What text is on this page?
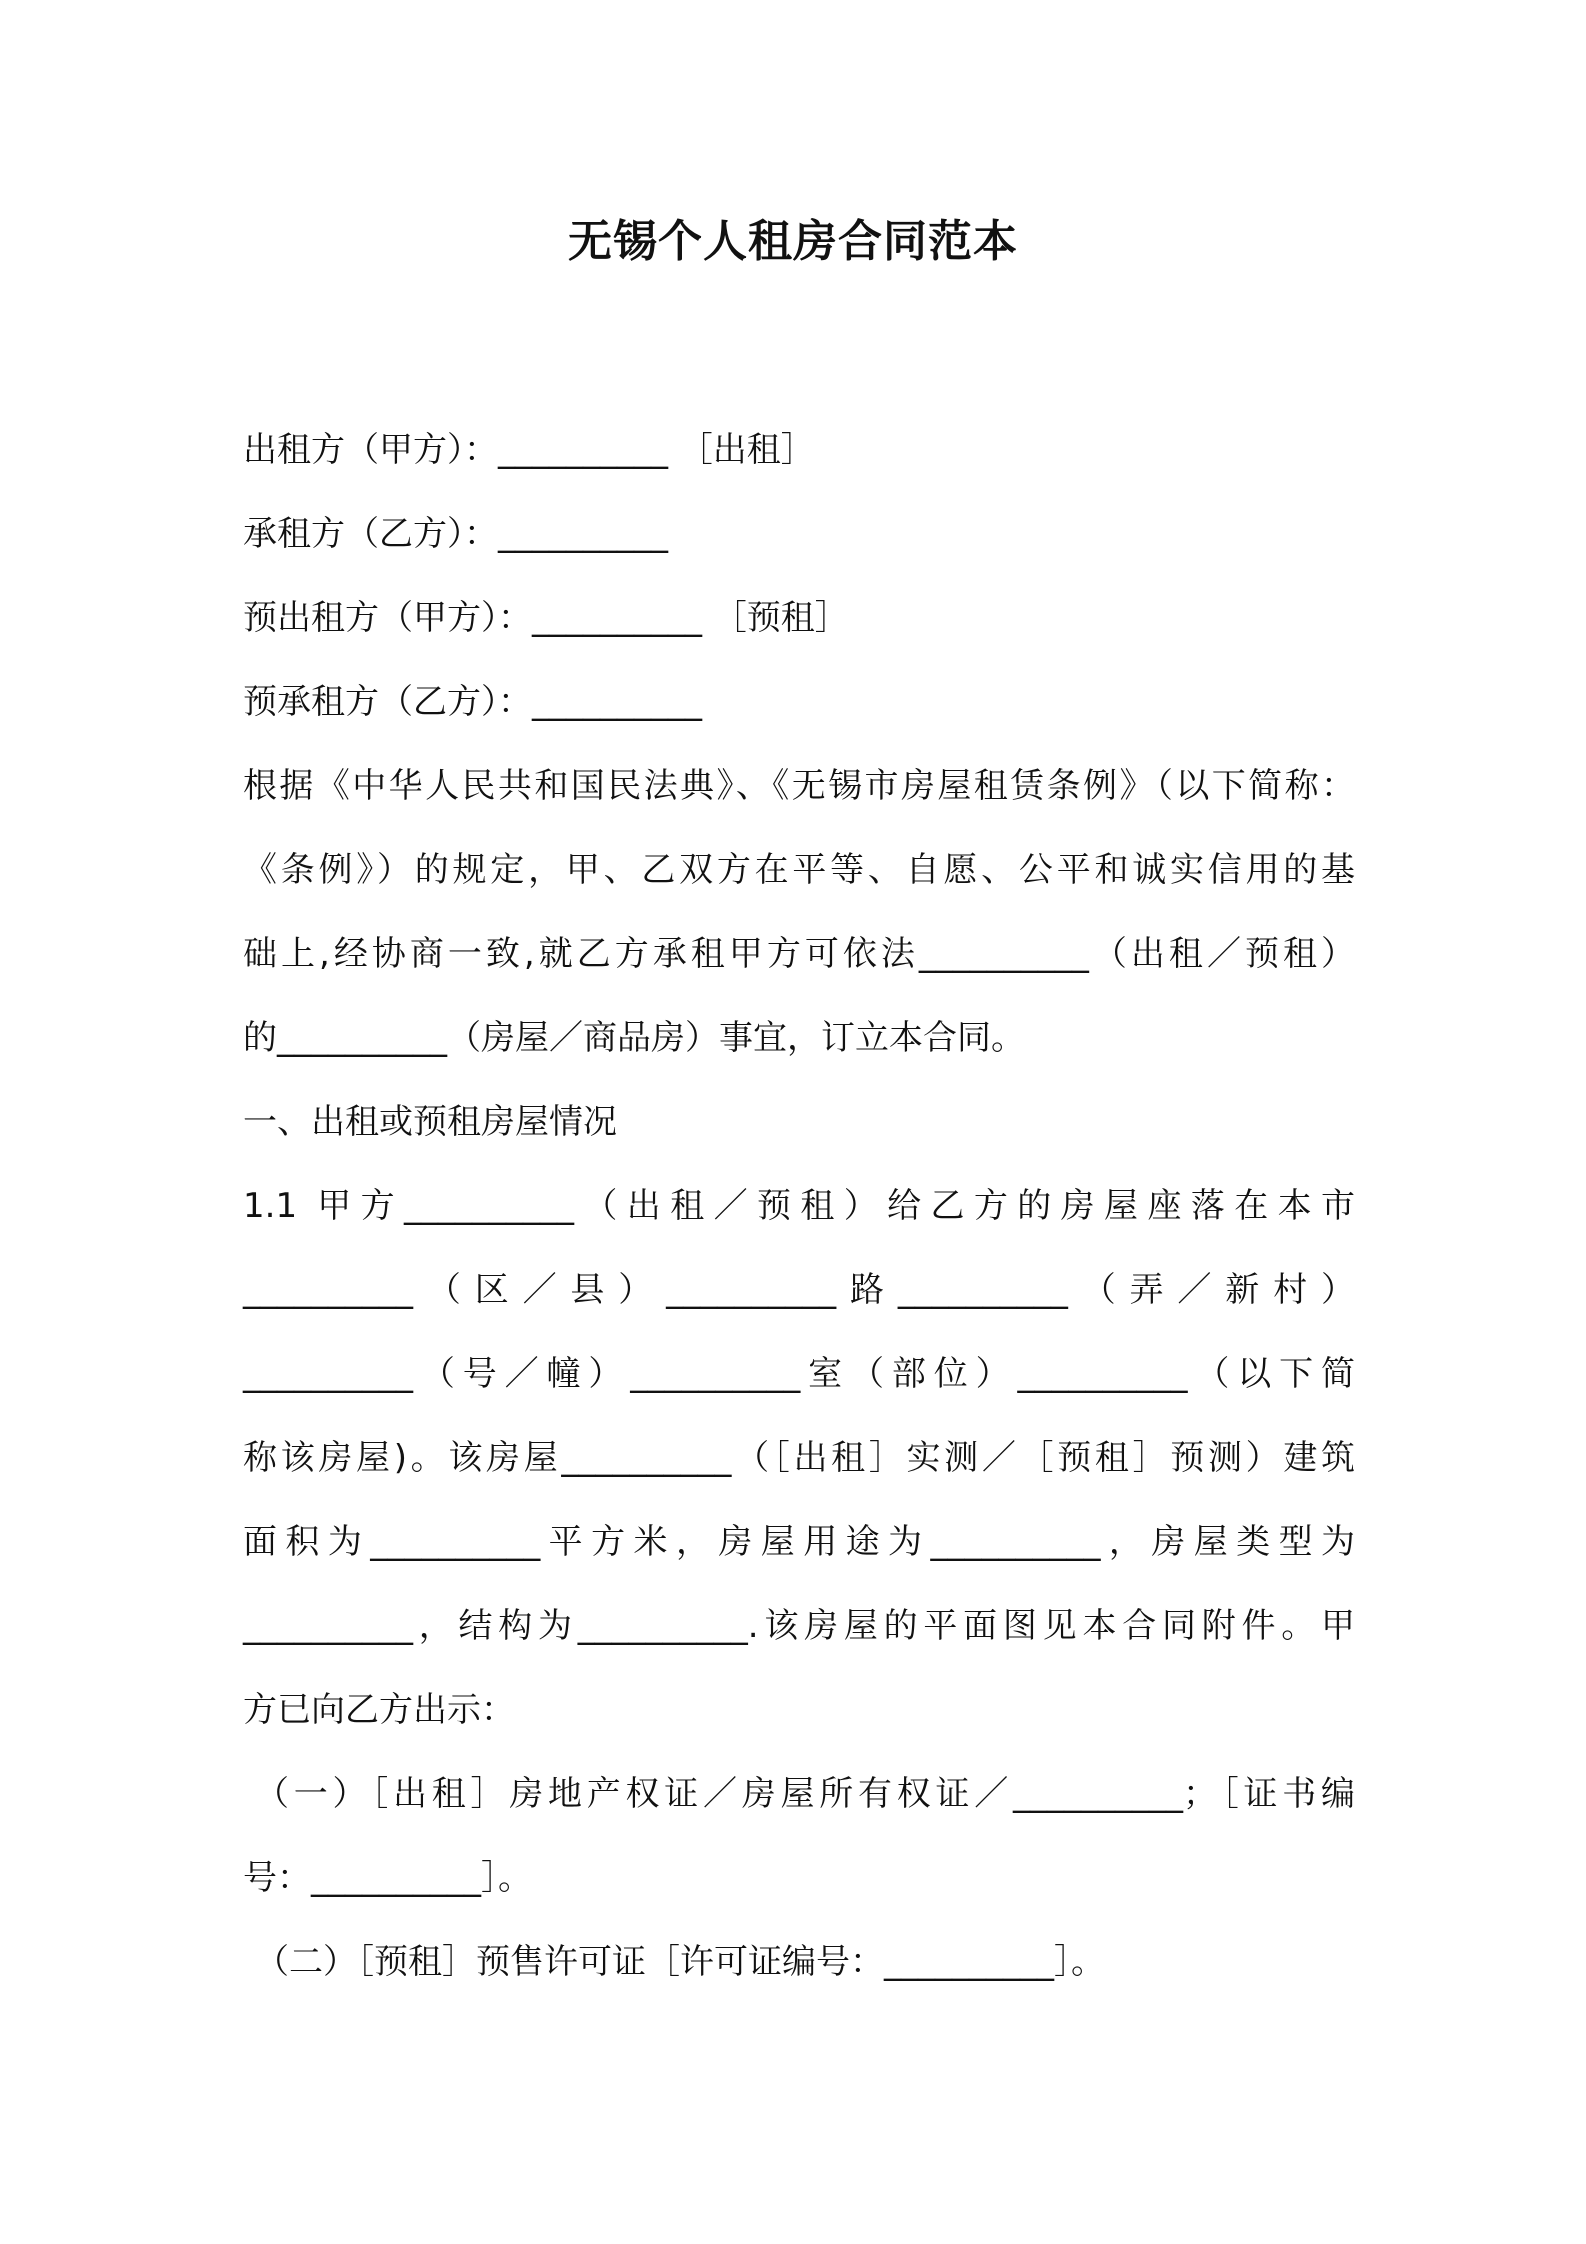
无锡个人租房合同范本
出租方（甲方）：__________ ［出租］
承租方（乙方）：__________
预出租方（甲方）：__________ ［预租］
预承租方（乙方）：__________
根据《中华人民共和国民法典》、《无锡市房屋租赁条例》（以下简称：
《条例》）的规定，甲、乙双方在平等、自愿、公平和诚实信用的基
础上,经协商一致,就乙方承租甲方可依法__________（出租／预租）
的__________（房屋／商品房）事宜，订立本合同。
一、出租或预租房屋情况
1.1 甲方__________（出租／预租）给乙方的房屋座落在本市
__________（区／县）__________路__________（弄／新村）
__________（号／幢）__________室（部位）__________（以下简
称该房屋)。该房屋__________（［出租］实测／［预租］预测）建筑
面积为__________平方米，房屋用途为__________，房屋类型为
__________，结构为__________.该房屋的平面图见本合同附件。甲
方已向乙方出示：
（一）［出租］房地产权证／房屋所有权证／__________；［证书编
号：__________］。
（二）［预租］预售许可证［许可证编号：__________］。
